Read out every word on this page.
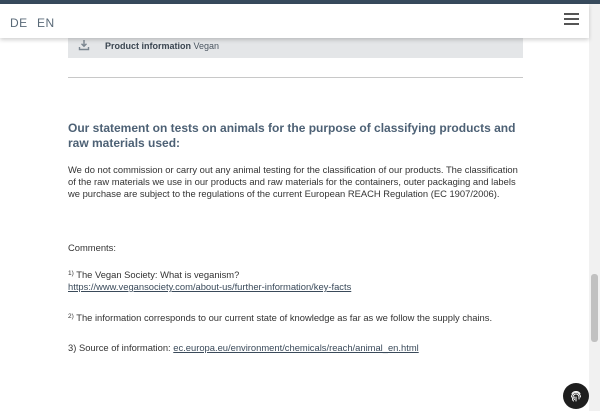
Product information Vegan
Our statement on tests on animals for the purpose of classifying products and raw materials used:
We do not commission or carry out any animal testing for the classification of our products. The classification of the raw materials we use in our products and raw materials for the containers, outer packaging and labels we purchase are subject to the regulations of the current European REACH Regulation (EC 1907/2006).
Comments:
$^{1)}$ The Vegan Society: What is veganism?
https://www.vegansociety.com/about-us/further-information/key-facts
$^{2)}$ The information corresponds to our current state of knowledge as far as we follow the supply chains.
3) Source of information: ec.europa.eu/environment/chemicals/reach/animal_en.html
DE EN
